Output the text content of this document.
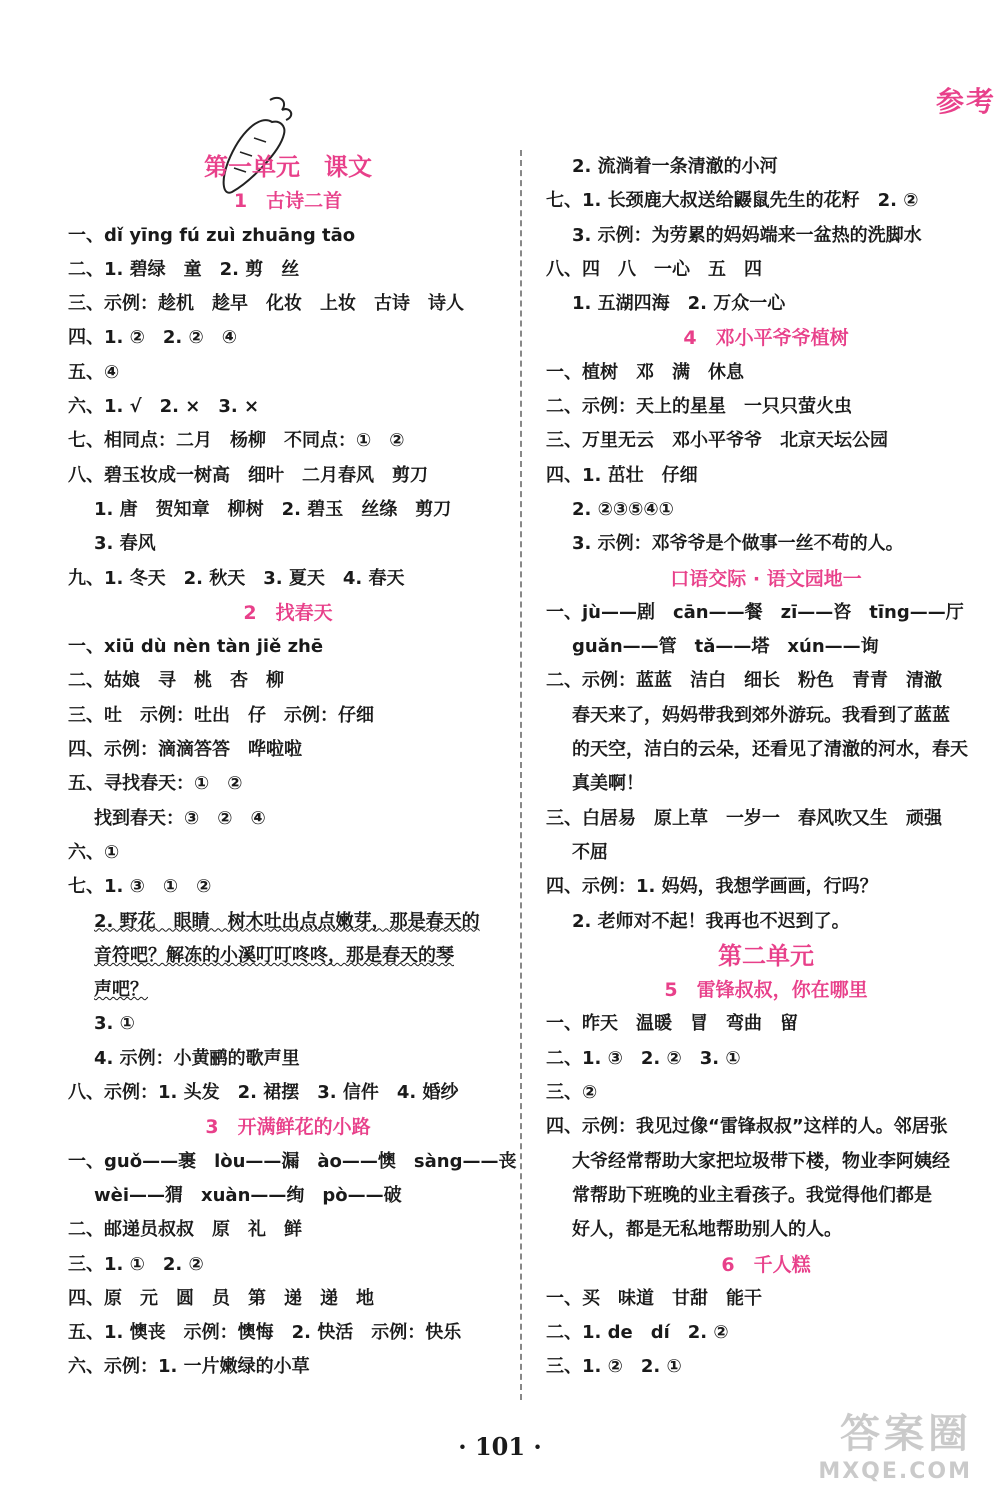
参考
第一单元　课文
1　古诗二首
一、dǐ yīng fú zuì zhuāng tāo
二、1. 碧绿　童　2. 剪　丝
三、示例：趁机　趁早　化妆　上妆　古诗　诗人
四、1. ②　2. ②　④
五、④
六、1. √　2. ×　3. ×
七、相同点：二月　杨柳　不同点：①　②
八、碧玉妆成一树高　细叶　二月春风　剪刀
1. 唐　贺知章　柳树　2. 碧玉　丝绦　剪刀
3. 春风
九、1. 冬天　2. 秋天　3. 夏天　4. 春天
2　找春天
一、xiū dù nèn tàn jiě zhē
二、姑娘　寻　桃　杏　柳
三、吐　示例：吐出　仔　示例：仔细
四、示例：滴滴答答　哗啦啦
五、寻找春天：①　②
找到春天：③　②　④
六、①
七、1. ③　①　②
2. 野花　眼睛　树木吐出点点嫩芽，那是春天的
音符吧？解冻的小溪叮叮咚咚，那是春天的琴
声吧？
3. ①
4. 示例：小黄鹂的歌声里
八、示例：1. 头发　2. 裙摆　3. 信件　4. 婚纱
3　开满鲜花的小路
一、guǒ——裹　lòu——漏　ào——懊　sàng——丧
wèi——猬　xuàn——绚　pò——破
二、邮递员叔叔　原　礼　鲜
三、1. ①　2. ②
四、原　元　圆　员　第　递　递　地
五、1. 懊丧　示例：懊悔　2. 快活　示例：快乐
六、示例：1. 一片嫩绿的小草
2. 流淌着一条清澈的小河
七、1. 长颈鹿大叔送给鼹鼠先生的花籽　2. ②
3. 示例：为劳累的妈妈端来一盆热的洗脚水
八、四　八　一心　五　四
1. 五湖四海　2. 万众一心
4　邓小平爷爷植树
一、植树　邓　满　休息
二、示例：天上的星星　一只只萤火虫
三、万里无云　邓小平爷爷　北京天坛公园
四、1. 茁壮　仔细
2. ②③⑤④①
3. 示例：邓爷爷是个做事一丝不苟的人。
口语交际 · 语文园地一
一、jù——剧　cān——餐　zī——咨　tīng——厅
guǎn——管　tǎ——塔　xún——询
二、示例：蓝蓝　洁白　细长　粉色　青青　清澈
春天来了，妈妈带我到郊外游玩。我看到了蓝蓝
的天空，洁白的云朵，还看见了清澈的河水，春天
真美啊！
三、白居易　原上草　一岁一　春风吹又生　顽强
不屈
四、示例：1. 妈妈，我想学画画，行吗？
2. 老师对不起！我再也不迟到了。
第二单元
5　雷锋叔叔，你在哪里
一、昨天　温暖　冒　弯曲　留
二、1. ③　2. ②　3. ①
三、②
四、示例：我见过像“雷锋叔叔”这样的人。邻居张
大爷经常帮助大家把垃圾带下楼，物业李阿姨经
常帮助下班晚的业主看孩子。我觉得他们都是
好人，都是无私地帮助别人的人。
6　千人糕
一、买　味道　甘甜　能干
二、1. de　dí　2. ②
三、1. ②　2. ①
· 101 ·	答案圈
MXQE.COM
